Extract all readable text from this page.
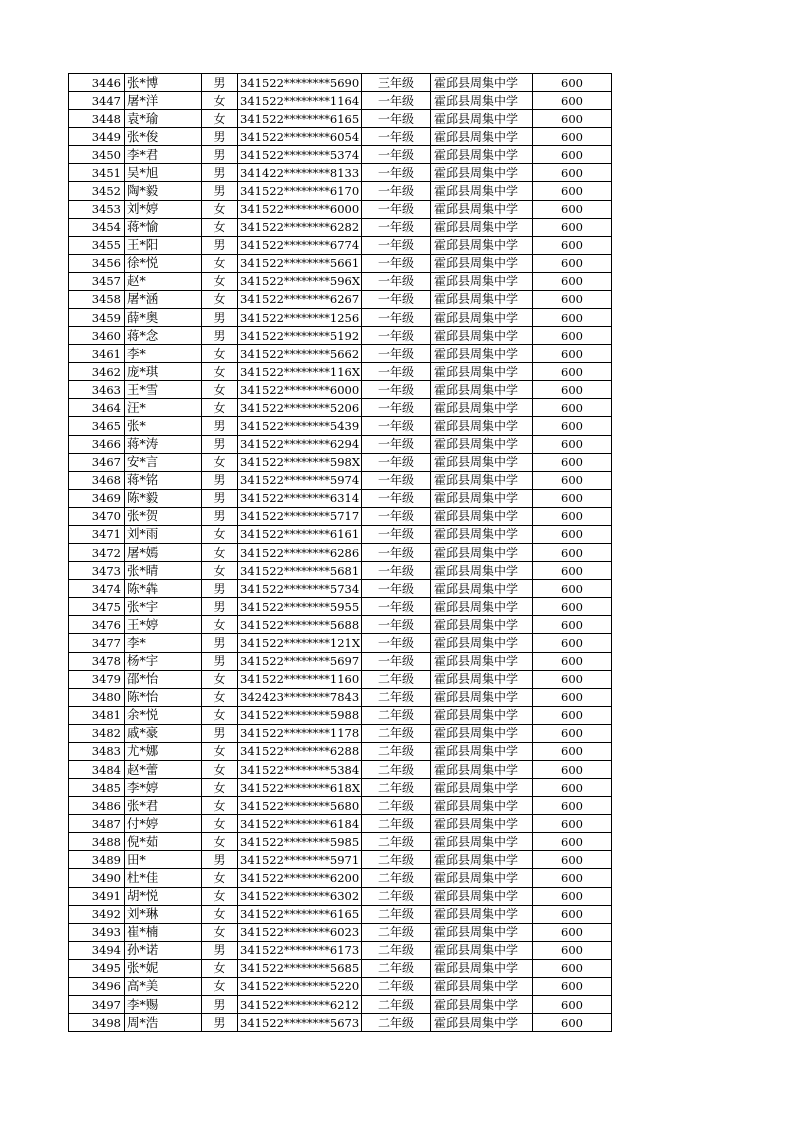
3446	张*博	男	341522********5690	三年级	霍邱县周集中学	600
3447	屠*洋	女	341522********1164	一年级	霍邱县周集中学	600
3448	袁*瑜	女	341522********6165	一年级	霍邱县周集中学	600
3449	张*俊	男	341522********6054	一年级	霍邱县周集中学	600
3450	李*君	男	341522********5374	一年级	霍邱县周集中学	600
3451	吴*旭	男	341422********8133	一年级	霍邱县周集中学	600
3452	陶*毅	男	341522********6170	一年级	霍邱县周集中学	600
3453	刘*婷	女	341522********6000	一年级	霍邱县周集中学	600
3454	蒋*愉	女	341522********6282	一年级	霍邱县周集中学	600
3455	王*阳	男	341522********6774	一年级	霍邱县周集中学	600
3456	徐*悦	女	341522********5661	一年级	霍邱县周集中学	600
3457	赵*	女	341522********596X	一年级	霍邱县周集中学	600
3458	屠*涵	女	341522********6267	一年级	霍邱县周集中学	600
3459	薛*奥	男	341522********1256	一年级	霍邱县周集中学	600
3460	蒋*念	男	341522********5192	一年级	霍邱县周集中学	600
3461	李*	女	341522********5662	一年级	霍邱县周集中学	600
3462	庞*琪	女	341522********116X	一年级	霍邱县周集中学	600
3463	王*雪	女	341522********6000	一年级	霍邱县周集中学	600
3464	汪*	女	341522********5206	一年级	霍邱县周集中学	600
3465	张*	男	341522********5439	一年级	霍邱县周集中学	600
3466	蒋*涛	男	341522********6294	一年级	霍邱县周集中学	600
3467	安*言	女	341522********598X	一年级	霍邱县周集中学	600
3468	蒋*铭	男	341522********5974	一年级	霍邱县周集中学	600
3469	陈*毅	男	341522********6314	一年级	霍邱县周集中学	600
3470	张*贺	男	341522********5717	一年级	霍邱县周集中学	600
3471	刘*雨	女	341522********6161	一年级	霍邱县周集中学	600
3472	屠*嫣	女	341522********6286	一年级	霍邱县周集中学	600
3473	张*晴	女	341522********5681	一年级	霍邱县周集中学	600
3474	陈*犇	男	341522********5734	一年级	霍邱县周集中学	600
3475	张*宇	男	341522********5955	一年级	霍邱县周集中学	600
3476	王*婷	女	341522********5688	一年级	霍邱县周集中学	600
3477	李*	男	341522********121X	一年级	霍邱县周集中学	600
3478	杨*宇	男	341522********5697	一年级	霍邱县周集中学	600
3479	邵*怡	女	341522********1160	二年级	霍邱县周集中学	600
3480	陈*怡	女	342423********7843	二年级	霍邱县周集中学	600
3481	余*悦	女	341522********5988	二年级	霍邱县周集中学	600
3482	戚*豪	男	341522********1178	二年级	霍邱县周集中学	600
3483	尤*娜	女	341522********6288	二年级	霍邱县周集中学	600
3484	赵*蕾	女	341522********5384	二年级	霍邱县周集中学	600
3485	李*婷	女	341522********618X	二年级	霍邱县周集中学	600
3486	张*君	女	341522********5680	二年级	霍邱县周集中学	600
3487	付*婷	女	341522********6184	二年级	霍邱县周集中学	600
3488	倪*茹	女	341522********5985	二年级	霍邱县周集中学	600
3489	田*	男	341522********5971	二年级	霍邱县周集中学	600
3490	杜*佳	女	341522********6200	二年级	霍邱县周集中学	600
3491	胡*悦	女	341522********6302	二年级	霍邱县周集中学	600
3492	刘*琳	女	341522********6165	二年级	霍邱县周集中学	600
3493	崔*楠	女	341522********6023	二年级	霍邱县周集中学	600
3494	孙*诺	男	341522********6173	二年级	霍邱县周集中学	600
3495	张*妮	女	341522********5685	二年级	霍邱县周集中学	600
3496	高*美	女	341522********5220	二年级	霍邱县周集中学	600
3497	李*赐	男	341522********6212	二年级	霍邱县周集中学	600
3498	周*浩	男	341522********5673	二年级	霍邱县周集中学	600
